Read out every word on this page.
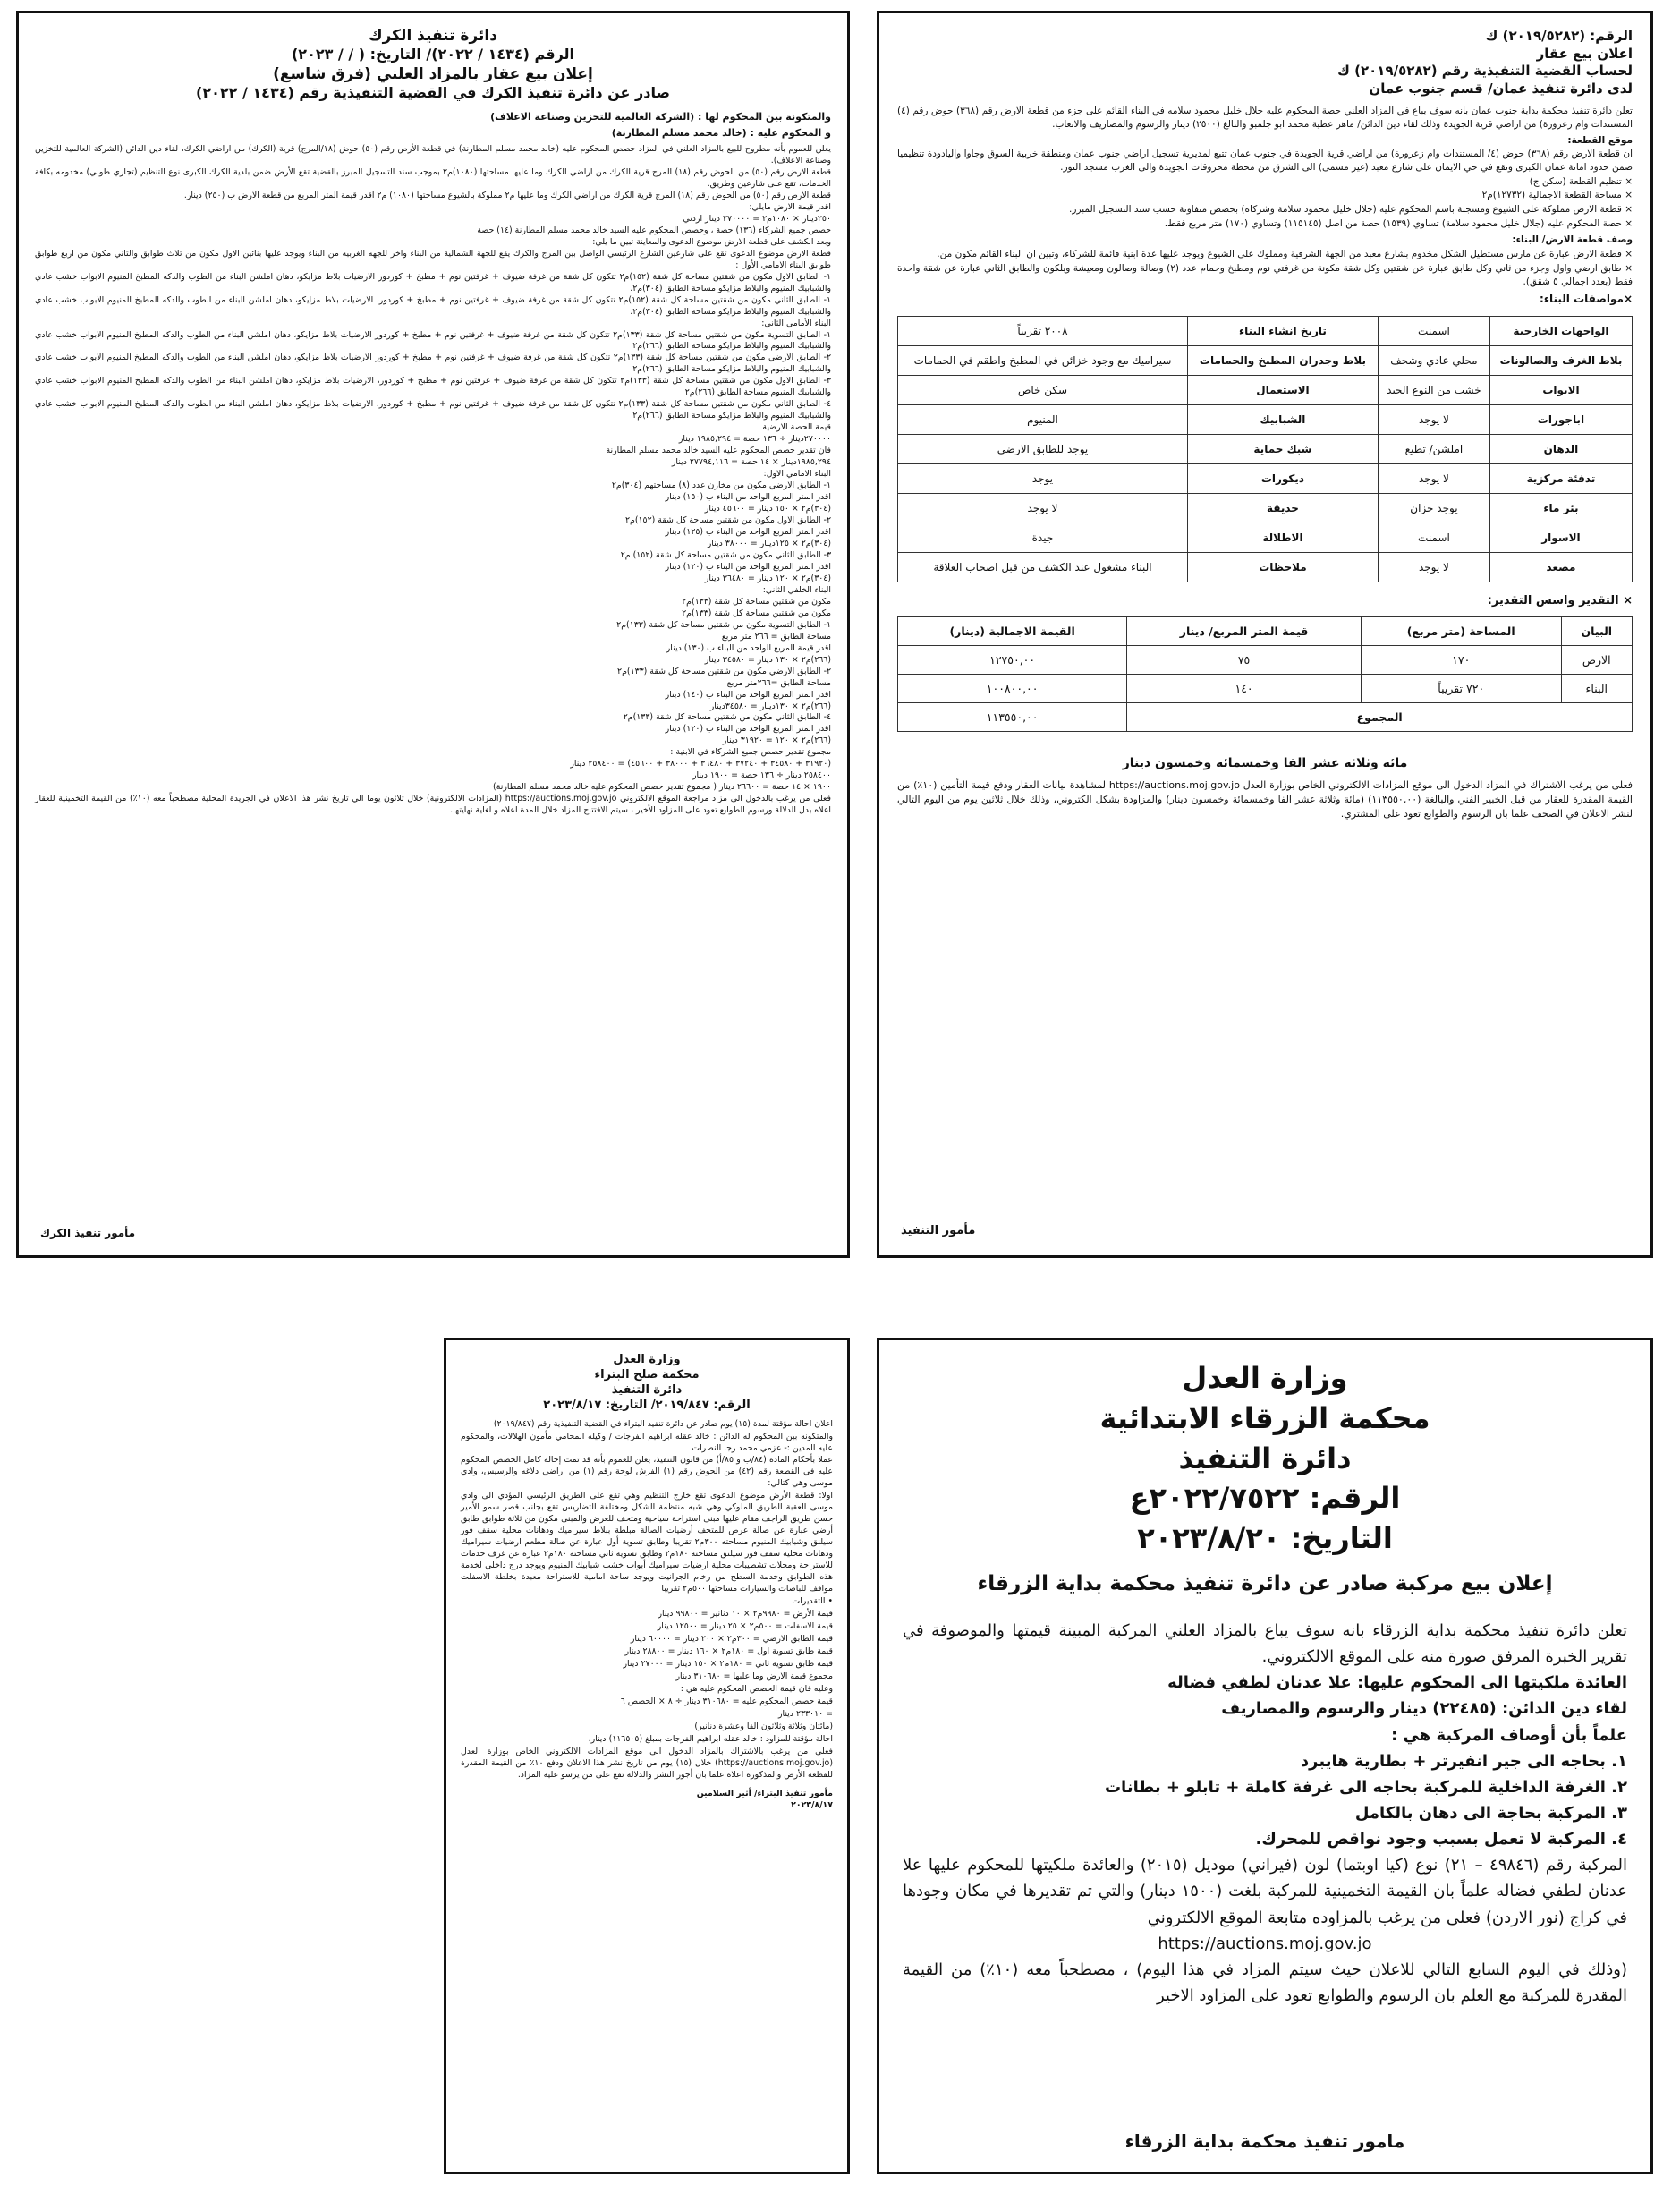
الرقم: (٢٠١٩/٥٢٨٢) ك
اعلان بيع عقار
لحساب القضية التنفيذية رقم (٢٠١٩/٥٢٨٢) ك
لدى دائرة تنفيذ عمان/ قسم جنوب عمان
تعلن دائرة تنفيذ محكمة بداية جنوب عمان بانه سوف يباع في المزاد العلني حصة المحكوم عليه جلال خليل محمود سلامه في البناء القائم على جزء من قطعة الارض رقم (٣٦٨) حوض رقم (٤) المستندات وام زعرورة) من اراضي قرية الجويدة وذلك لقاء دين الدائن/ ماهر عطية محمد ابو جلمبو والبالغ (٢٥٠٠) دينار والرسوم والمصاريف والاتعاب.
موقع القطعة:
ان قطعة الارض رقم (٣٦٨) حوض (٤/ المستندات وام زعرورة) من اراضي قرية الجويدة في جنوب عمان تتبع لمديرية تسجيل اراضي جنوب عمان ومنطقة خربية السوق وجاوا واليادودة تنظيميا ضمن حدود امانة عمان الكبرى وتقع في حي الايمان على شارع معبد (غير مسمى) الى الشرق من محطة محروقات الجويدة والى الغرب مسجد النور.
× تنظيم القطعة (سكن ج)
× مساحة القطعة الاجمالية (١٢٧٣٢)م٢
× قطعة الارض مملوكة على الشيوع ومسجلة باسم المحكوم عليه (جلال خليل محمود سلامة وشركاه) بحصص متفاوتة حسب سند التسجيل المبرز.
× حصة المحكوم عليه (جلال خليل محمود سلامة) تساوي (١٥٣٩) حصة من اصل (١١٥١٤٥) وتساوي (١٧٠) متر مربع فقط.
وصف قطعة الارض/ البناء:
× قطعة الارض عبارة عن مارس مستطيل الشكل مخدوم بشارع معبد من الجهة الشرقية ومملوك على الشيوع ويوجد عليها عدة ابنية قائمة للشركاء، وتبين ان البناء القائم مكون من.
× طابق ارضي واول وجزء من ثاني وكل طابق عبارة عن شقتين وكل شقة مكونة من غرفتي نوم ومطبخ وحمام عدد (٢) وصالة وصالون ومعيشة وبلكون والطابق الثاني عبارة عن شقة واحدة فقط (بعدد اجمالي ٥ شقق).
×مواصفات البناء:
الواجهات الخارجية	اسمنت	تاريخ انشاء البناء	٢٠٠٨ تقريباً
بلاط الغرف والصالونات	محلي عادي وشحف	بلاط وجدران المطبخ والحمامات	سيراميك مع وجود خزائن في المطبخ واطقم في الحمامات
الابواب	خشب من النوع الجيد	الاستعمال	سكن خاص
اباجورات	لا يوجد	الشبابيك	المنيوم
الدهان	املشن/ تطيع	شبك حماية	يوجد للطابق الارضي
تدفئة مركزية	لا يوجد	ديكورات	يوجد
بئر ماء	يوجد خزان	حديقة	لا يوجد
الاسوار	اسمنت	الاطلالة	جيدة
مصعد	لا يوجد	ملاحظات	البناء مشغول عند الكشف من قبل اصحاب العلاقة
× التقدير واسس التقدير:
البيان	المساحة (متر مربع)	قيمة المتر المربع/ دينار	القيمة الاجمالية (دينار)
الارض	١٧٠	٧٥	١٢٧٥٠,٠٠
البناء	٧٢٠ تقريباً	١٤٠	١٠٠٨٠٠,٠٠
المجموع			١١٣٥٥٠,٠٠
مائة وثلاثة عشر الفا وخمسمائة وخمسون دينار
فعلى من يرغب الاشتراك في المزاد الدخول الى موقع المزادات الالكتروني الخاص بوزارة العدل https://auctions.moj.gov.jo لمشاهدة بيانات العقار ودفع قيمة التأمين (١٠٪) من القيمة المقدرة للعقار من قبل الخبير الفني والبالغة (١١٣٥٥٠,٠٠) (مائة وثلاثة عشر الفا وخمسمائة وخمسون دينار) والمزاودة بشكل الكتروني، وذلك خلال ثلاثين يوم من اليوم التالي لنشر الاعلان في الصحف علما بان الرسوم والطوابع تعود على المشتري.
مأمور التنفيذ
دائرة تنفيذ الكرك
الرقم (١٤٣٤ / ٢٠٢٢)/ التاريخ: ( / / ٢٠٢٣)
إعلان بيع عقار بالمزاد العلني (فرق شاسع)
صادر عن دائرة تنفيذ الكرك في القضية التنفيذية رقم (١٤٣٤ / ٢٠٢٢)
والمتكونة بين المحكوم لها : (الشركة العالمية للتخزين وصناعة الاعلاف)
و المحكوم عليه : (خالد محمد مسلم المطارنة)
يعلن للعموم بأنه مطروح للبيع بالمزاد العلني في المزاد حصص المحكوم عليه (خالد محمد مسلم المطارنة) في قطعة الأرض رقم (٥٠) حوض (١٨/المرج) قرية (الكرك) من اراضي الكرك، لقاء دين الدائن (الشركة العالمية للتخزين وصناعة الاعلاف).
قطعة الارض رقم (٥٠) من الحوض رقم (١٨) المرج قرية الكرك من اراضي الكرك وما عليها مساحتها (١٠٨٠)م٢ بموجب سند التسجيل المبرز بالقضية تقع الأرض ضمن بلدية الكرك الكبرى نوع التنظيم (تجاري طولي) مخدومه بكافة الخدمات، تقع على شارعين وطريق.
قطعة الارض رقم (٥٠) من الحوض رقم (١٨) المرج قرية الكرك من اراضي الكرك وما عليها م٢ مملوكة بالشيوع مساحتها (١٠٨٠) م٢ اقدر قيمة المتر المربع من قطعة الارض ب (٢٥٠) دينار.
اقدر قيمة الارض مايلي:
٢٥٠دينار × ١٠٨٠م٢ = ٢٧٠٠٠٠ دينار اردني
حصص جميع الشركاء (١٣٦) حصة ، وحصص المحكوم عليه السيد خالد محمد مسلم المطارنة (١٤) حصة
وبعد الكشف على قطعة الارض موضوع الدعوى والمعاينة تبين ما يلي:
قطعة الارض موضوع الدعوى تقع على شارعين الشارع الرئيسي الواصل بين المرج والكرك يقع للجهة الشمالية من البناء واخر للجهه الغربيه من البناء ويوجد عليها بنائين الاول مكون من ثلاث طوابق والثاني مكون من اربع طوابق طوابق البناء الامامي الأول :
١- الطابق الاول مكون من شقتين مساحة كل شقة (١٥٢)م٢ تتكون كل شقة من غرفة ضيوف + غرفتين نوم + مطبخ + كوردور الارضيات بلاط مزايكو، دهان املشن البناء من الطوب والدكه المطبخ المنيوم الابواب خشب عادي والشبابيك المنيوم والبلاط مزايكو مساحة الطابق (٣٠٤)م٢.
١- الطابق الثاني مكون من شقتين مساحة كل شقة (١٥٢)م٢ تتكون كل شقة من غرفة ضيوف + غرفتين نوم + مطبخ + كوردور، الارضيات بلاط مزايكو، دهان املشن البناء من الطوب والدكه المطبخ المنيوم الابواب خشب عادي والشبابيك المنيوم والبلاط مزايكو مساحة الطابق (٣٠٤)م٢.
البناء الأمامي الثاني:
١- الطابق التسوية مكون من شقتين مساحة كل شقة (١٣٣)م٢ تتكون كل شقة من غرفة ضيوف + غرفتين نوم + مطبخ + كوردور الارضيات بلاط مزايكو، دهان املشن البناء من الطوب والدكه المطبخ المنيوم الابواب خشب عادي والشبابيك المنيوم والبلاط مزايكو مساحة الطابق (٢٦٦)م٢
٢- الطابق الارضي مكون من شقتين مساحة كل شقة (١٣٣)م٢ تتكون كل شقة من غرفة ضيوف + غرفتين نوم + مطبخ + كوردور الارضيات بلاط مزايكو، دهان املشن البناء من الطوب والدكه المطبخ المنيوم الابواب خشب عادي والشبابيك المنيوم والبلاط مزايكو مساحة الطابق (٢٦٦)م٢
٣- الطابق الاول مكون من شقتين مساحة كل شقة (١٣٣)م٢ تتكون كل شقة من غرفة ضيوف + غرفتين نوم + مطبخ + كوردور، الارضيات بلاط مزايكو، دهان املشن البناء من الطوب والدكه المطبخ المنيوم الابواب خشب عادي والشبابيك المنيوم مساحة الطابق (٢٦٦)م٢
٤- الطابق الثاني مكون من شقتين مساحة كل شقة (١٣٣)م٢ تتكون كل شقة من غرفة ضيوف + غرفتين نوم + مطبخ + كوردور، الارضيات بلاط مزايكو، دهان املشن البناء من الطوب والدكه المطبخ المنيوم الابواب خشب عادي والشبابيك المنيوم والبلاط مزايكو مساحة الطابق (٢٦٦)م٢
قيمة الحصة الارضية
٢٧٠٠٠٠دينار ÷ ١٣٦ حصة = ١٩٨٥,٢٩٤ دينار
فان تقدير حصص المحكوم عليه السيد خالد محمد مسلم المطارنة
١٩٨٥,٢٩٤دينار × ١٤ حصة = ٢٧٧٩٤,١١٦ دينار
البناء الامامي الاول:
١- الطابق الارضي مكون من مخازن عدد (٨) مساحتهم (٣٠٤)م٢
اقدر المتر المربع الواحد من البناء ب (١٥٠) دينار
(٣٠٤)م٢ × ١٥٠ دينار = ٤٥٦٠٠ دينار
٢- الطابق الاول مكون من شقتين مساحة كل شقة (١٥٢)م٢
اقدر المتر المربع الواحد من البناء ب (١٢٥) دينار
(٣٠٤)م٢ × ١٢٥دينار = ٣٨٠٠٠ دينار
٣- الطابق الثاني مكون من شقتين مساحة كل شقة (١٥٢) م٢
اقدر المتر المربع الواحد من البناء ب (١٢٠) دينار
(٣٠٤)م٢ × ١٢٠ دينار = ٣٦٤٨٠ دينار
البناء الخلفي الثاني:
مكون من شقتين مساحة كل شقة (١٣٣)م٢
مكون من شقتين مساحة كل شقة (١٣٣)م٢
١- الطابق التسوية مكون من شقتين مساحة كل شقة (١٣٣)م٢
مساحة الطابق = ٢٦٦ متر مربع
اقدر قيمة المربع الواحد من البناء ب (١٣٠) دينار
(٢٦٦)م٢ × ١٣٠ دينار = ٣٤٥٨٠ دينار
٢- الطابق الارضي مكون من شقتين مساحة كل شقة (١٣٣)م٢
مساحة الطابق =٢٦٦متر مربع
اقدر المتر المربع الواحد من البناء ب (١٤٠) دينار
(٢٦٦)م٢ × ١٣٠دينار = ٣٤٥٨٠دينار
٤- الطابق الثاني مكون من شقتين مساحة كل شقة (١٣٣)م٢
اقدر المتر المربع الواحد من البناء ب (١٢٠) دينار
(٢٦٦)م٢ × ١٢٠ = ٣١٩٢٠ دينار
مجموع تقدير حصص جميع الشركاء في الابنية :
(٣١٩٢٠ + ٣٤٥٨٠ + ٣٧٢٤٠ + ٣٦٤٨٠ + ٣٨٠٠٠ + ٤٥٦٠٠) = ٢٥٨٤٠٠ دينار
٢٥٨٤٠٠ دينار ÷ ١٣٦ حصة = ١٩٠٠ دينار
١٩٠٠ × ١٤ حصة = ٢٦٦٠٠ دينار ( مجموع تقدير حصص المحكوم عليه خالد محمد مسلم المطارنة)
فعلى من يرغب بالدخول الى مزاد مراجعة الموقع الالكتروني https://auctions.moj.gov.jo (المزادات الالكترونية) خلال ثلاثون يوما الي تاريخ نشر هذا الاعلان في الجريدة المحلية مصطحباً معه (١٠٪) من القيمة التخمينية للعقار اعلاه بدل الدلالة ورسوم الطوابع تعود على المزاود الأخير ، سيتم الافتتاح المزاد خلال المدة اعلاه و لغاية نهايتها.
مأمور تنفيذ الكرك
وزارة العدل
محكمة الزرقاء الابتدائية
دائرة التنفيذ
الرقم: ٢٠٢٢/٧٥٢٢ع
التاريخ: ٢٠٢٣/٨/٢٠
إعلان بيع مركبة صادر عن دائرة تنفيذ محكمة بداية الزرقاء
تعلن دائرة تنفيذ محكمة بداية الزرقاء بانه سوف يباع بالمزاد العلني المركبة المبينة قيمتها والموصوفة في تقرير الخبرة المرفق صورة منه على الموقع الالكتروني.
العائدة ملكيتها الى المحكوم عليها: علا عدنان لطفي فضاله
لقاء دين الدائن: (٢٢٤٨٥) دينار والرسوم والمصاريف
علماً بأن أوصاف المركبة هي :
١. بحاجه الى جير انفيرتر + بطارية هايبرد
٢. الغرفة الداخلية للمركبة بحاجه الى غرفة كاملة + تابلو + بطانات
٣. المركبة بحاجة الى دهان بالكامل
٤. المركبة لا تعمل بسبب وجود نواقص للمحرك.
المركبة رقم (٤٩٨٤٦ – ٢١) نوع (كيا اوبتما) لون (فيراني) موديل (٢٠١٥) والعائدة ملكيتها للمحكوم عليها علا عدنان لطفي فضاله علماً بان القيمة التخمينية للمركبة بلغت (١٥٠٠ دينار) والتي تم تقديرها في مكان وجودها في كراج (نور الاردن) فعلى من يرغب بالمزاوده متابعة الموقع الالكتروني
https://auctions.moj.gov.jo
(وذلك في اليوم السابع التالي للاعلان حيث سيتم المزاد في هذا اليوم) ، مصطحباً معه (١٠٪) من القيمة المقدرة للمركبة مع العلم بان الرسوم والطوابع تعود على المزاود الاخير
مامور تنفيذ محكمة بداية الزرقاء
وزارة العدل
محكمة صلح البتراء
دائرة التنفيذ
الرقم: ٢٠١٩/٨٤٧/ التاريخ: ٢٠٢٣/٨/١٧
اعلان احالة مؤقتة لمدة (١٥) يوم صادر عن دائرة تنفيذ البتراء في القضية التنفيذية رقم (٢٠١٩/٨٤٧)
والمتكونه بين المحكوم له الدائن : خالد عقله ابراهيم الفرجات / وكيله المحامي مأمون الهلالات، والمحكوم عليه المدين :- عزمي محمد رجا النصرات
عملا بأحكام المادة (٨٤/ب و ٨٥/أ) من قانون التنفيذ، يعلن للعموم بأنه قد تمت إحالة كامل الحصص المحكوم عليه في القطعة رقم (٤٢) من الحوض رقم (١) الفرش لوحة رقم (١) من اراضي دلاغه والرسيس، وادي موسى وهي كتالي:
اولا: قطعة الأرض موضوع الدعوى تقع خارج التنظيم وهي تقع على الطريق الرئيسي المؤدي الى وادي موسى العقبة الطريق الملوكي وهي شبه منتظمة الشكل ومختلفة التضاريس تقع بجانب قصر سمو الأمير حسن طريق الراجف مقام عليها مبنى استراحة سياحية ومتحف للعرض والمبنى مكون من ثلاثة طوابق طابق أرضي عبارة عن صالة عرض للمتحف أرضيات الصالة مبلطة ببلاط سيراميك ودهانات محلية سقف فور سيلنق وشبابيك المنيوم مساحته ٣٠٠م٢ تقريبا وطابق تسوية أول عبارة عن صالة مطعم ارضيات سيراميك ودهانات محلية سقف فور سيلنق مساحته ١٨٠م٢ وطابق تسوية ثاني مساحته ١٨٠م٢ عبارة عن غرف خدمات للاستراحة ومحلات تشطيبات محلية ارضيات سيراميك أبواب خشب شبابيك المنيوم ويوجد درج داخلي لخدمة هذه الطوابق وخدمة السطح من رخام الجرانيت ويوجد ساحة امامية للاستراحة معبدة بخلطة الاسفلت مواقف للباصات والسيارات مساحتها ٥٠٠م٢ تقريبا
• التقديرات
قيمة الأرض = ٩٩٨٠م٢ × ١٠ دنانير = ٩٩٨٠٠ دينار
قيمة الاسفلت = ٥٠٠م٢ × ٢٥ دينار = ١٢٥٠٠ دينار
قيمة الطابق الارضي = ٣٠٠م٢ × ٢٠٠ دينار = ٦٠٠٠٠ دينار
قيمة طابق تسوية اول = ١٨٠م٢ × ١٦٠ دينار = ٢٨٨٠٠ دينار
قيمة طابق تسوية ثاني = ١٨٠م٢ × ١٥٠ دينار = ٢٧٠٠٠ دينار
مجموع قيمة الارض وما عليها = ٣١٠٦٨٠ دينار
وعليه فان قيمة الحصص المحكوم عليه هي :
قيمة حصص المحكوم عليه = ٣١٠٦٨٠ دينار ÷ ٨ × الحصص ٦
= ٢٣٣٠١٠ دينار
(مائتان وثلاثة وثلاثون الفا وعشرة دنانير)
احالة مؤقتة للمزاود : خالد عقله ابراهيم الفرجات بمبلغ (١١٦٥٠٥) دينار.
فعلى من يرغب بالاشتراك بالمزاد الدخول الى موقع المزادات الالكتروني الخاص بوزارة العدل (https://auctions.moj.gov.jo) خلال (١٥) يوم من تاريخ نشر هذا الاعلان ودفع ١٠٪ من القيمة المقدرة للقطعة الأرض والمذكورة اعلاه علما بان أجور النشر والدلالة تقع على من يرسو عليه المزاد.
مأمور تنفيذ البتراء/ أثير السلامين
٢٠٢٣/٨/١٧
